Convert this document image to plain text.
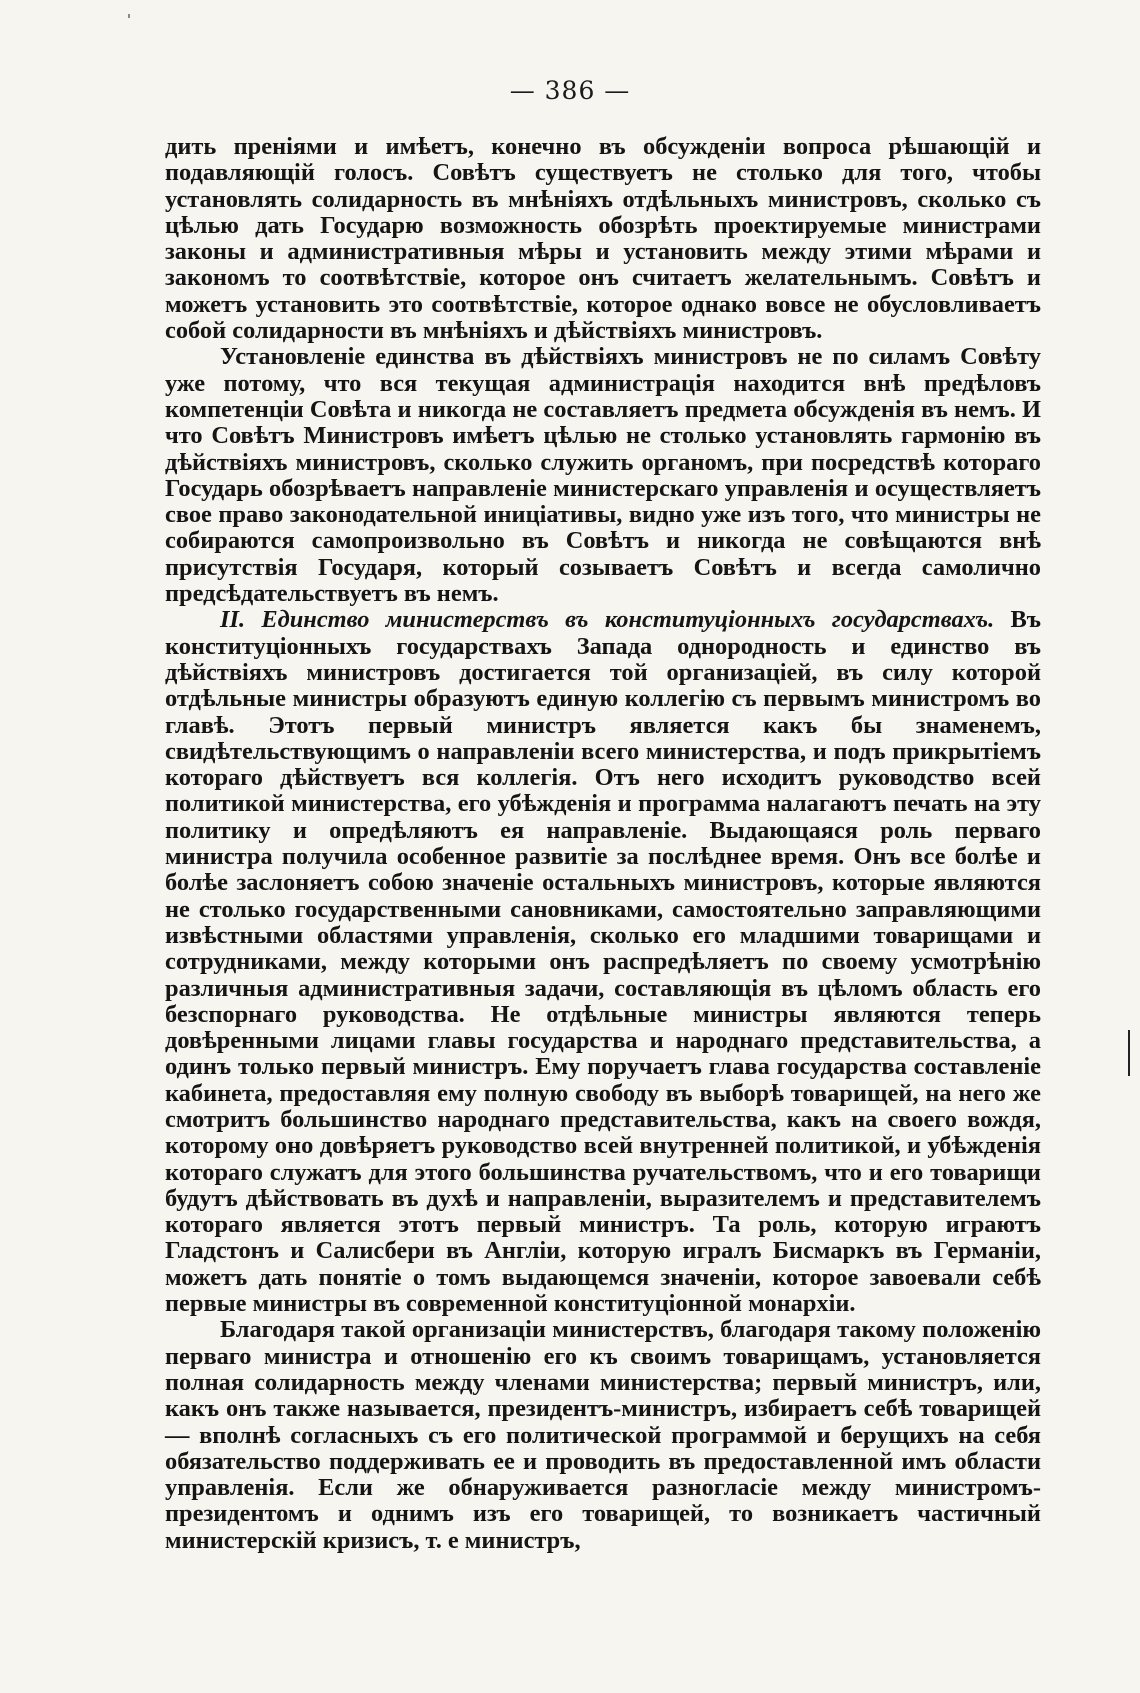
— 386 —

дить преніями и имѣетъ, конечно въ обсужденіи вопроса рѣшающій и подавляющій голосъ. Совѣтъ существуетъ не столько для того, чтобы установлять солидарность въ мнѣніяхъ отдѣльныхъ министровъ, сколько съ цѣлью дать Государю возможность обозрѣть проектируемые министрами законы и административныя мѣры и установить между этими мѣрами и закономъ то соотвѣтствіе, которое онъ считаетъ желательнымъ. Совѣтъ и можетъ установить это соотвѣтствіе, которое однако вовсе не обусловливаетъ собой солидарности въ мнѣніяхъ и дѣйствіяхъ министровъ.

Установленіе единства въ дѣйствіяхъ министровъ не по силамъ Совѣту уже потому, что вся текущая администрація находится внѣ предѣловъ компетенціи Совѣта и никогда не составляетъ предмета обсужденія въ немъ. И что Совѣтъ Министровъ имѣетъ цѣлью не столько установлять гармонію въ дѣйствіяхъ министровъ, сколько служить органомъ, при посредствѣ котораго Государь обозрѣваетъ направленіе министерскаго управленія и осуществляетъ свое право законодательной иниціативы, видно уже изъ того, что министры не собираются самопроизвольно въ Совѣтъ и никогда не совѣщаются внѣ присутствія Государя, который созываетъ Совѣтъ и всегда самолично предсѣдательствуетъ въ немъ.

II. Единство министерствъ въ конституціонныхъ государствахъ. Въ конституціонныхъ государствахъ Запада однородность и единство въ дѣйствіяхъ министровъ достигается той организаціей, въ силу которой отдѣльные министры образуютъ единую коллегію съ первымъ министромъ во главѣ. Этотъ первый министръ является какъ бы знаменемъ, свидѣтельствующимъ о направленіи всего министерства, и подъ прикрытіемъ котораго дѣйствуетъ вся коллегія. Отъ него исходитъ руководство всей политикой министерства, его убѣжденія и программа налагаютъ печать на эту политику и опредѣляютъ ея направленіе. Выдающаяся роль перваго министра получила особенное развитіе за послѣднее время. Онъ все болѣе и болѣе заслоняетъ собою значеніе остальныхъ министровъ, которые являются не столько государственными сановниками, самостоятельно заправляющими извѣстными областями управленія, сколько его младшими товарищами и сотрудниками, между которыми онъ распредѣляетъ по своему усмотрѣнію различныя административныя задачи, составляющія въ цѣломъ область его безспорнаго руководства. Не отдѣльные министры являются теперь довѣренными лицами главы государства и народнаго представительства, а одинъ только первый министръ. Ему поручаетъ глава государства составленіе кабинета, предоставляя ему полную свободу въ выборѣ товарищей, на него же смотритъ большинство народнаго представительства, какъ на своего вождя, которому оно довѣряетъ руководство всей внутренней политикой, и убѣжденія котораго служатъ для этого большинства ручательствомъ, что и его товарищи будутъ дѣйствовать въ духѣ и направленіи, выразителемъ и представителемъ котораго является этотъ первый министръ. Та роль, которую играютъ Гладстонъ и Салисбери въ Англіи, которую игралъ Бисмаркъ въ Германіи, можетъ дать понятіе о томъ выдающемся значеніи, которое завоевали себѣ первые министры въ современной конституціонной монархіи.

Благодаря такой организаціи министерствъ, благодаря такому положенію перваго министра и отношенію его къ своимъ товарищамъ, установляется полная солидарность между членами министерства; первый министръ, или, какъ онъ также называется, президентъ-министръ, избираетъ себѣ товарищей — вполнѣ согласныхъ съ его политической программой и берущихъ на себя обязательство поддерживать ее и проводить въ предоставленной имъ области управленія. Если же обнаруживается разногласіе между министромъ-президентомъ и однимъ изъ его товарищей, то возникаетъ частичный министерскій кризисъ, т. е министръ,
